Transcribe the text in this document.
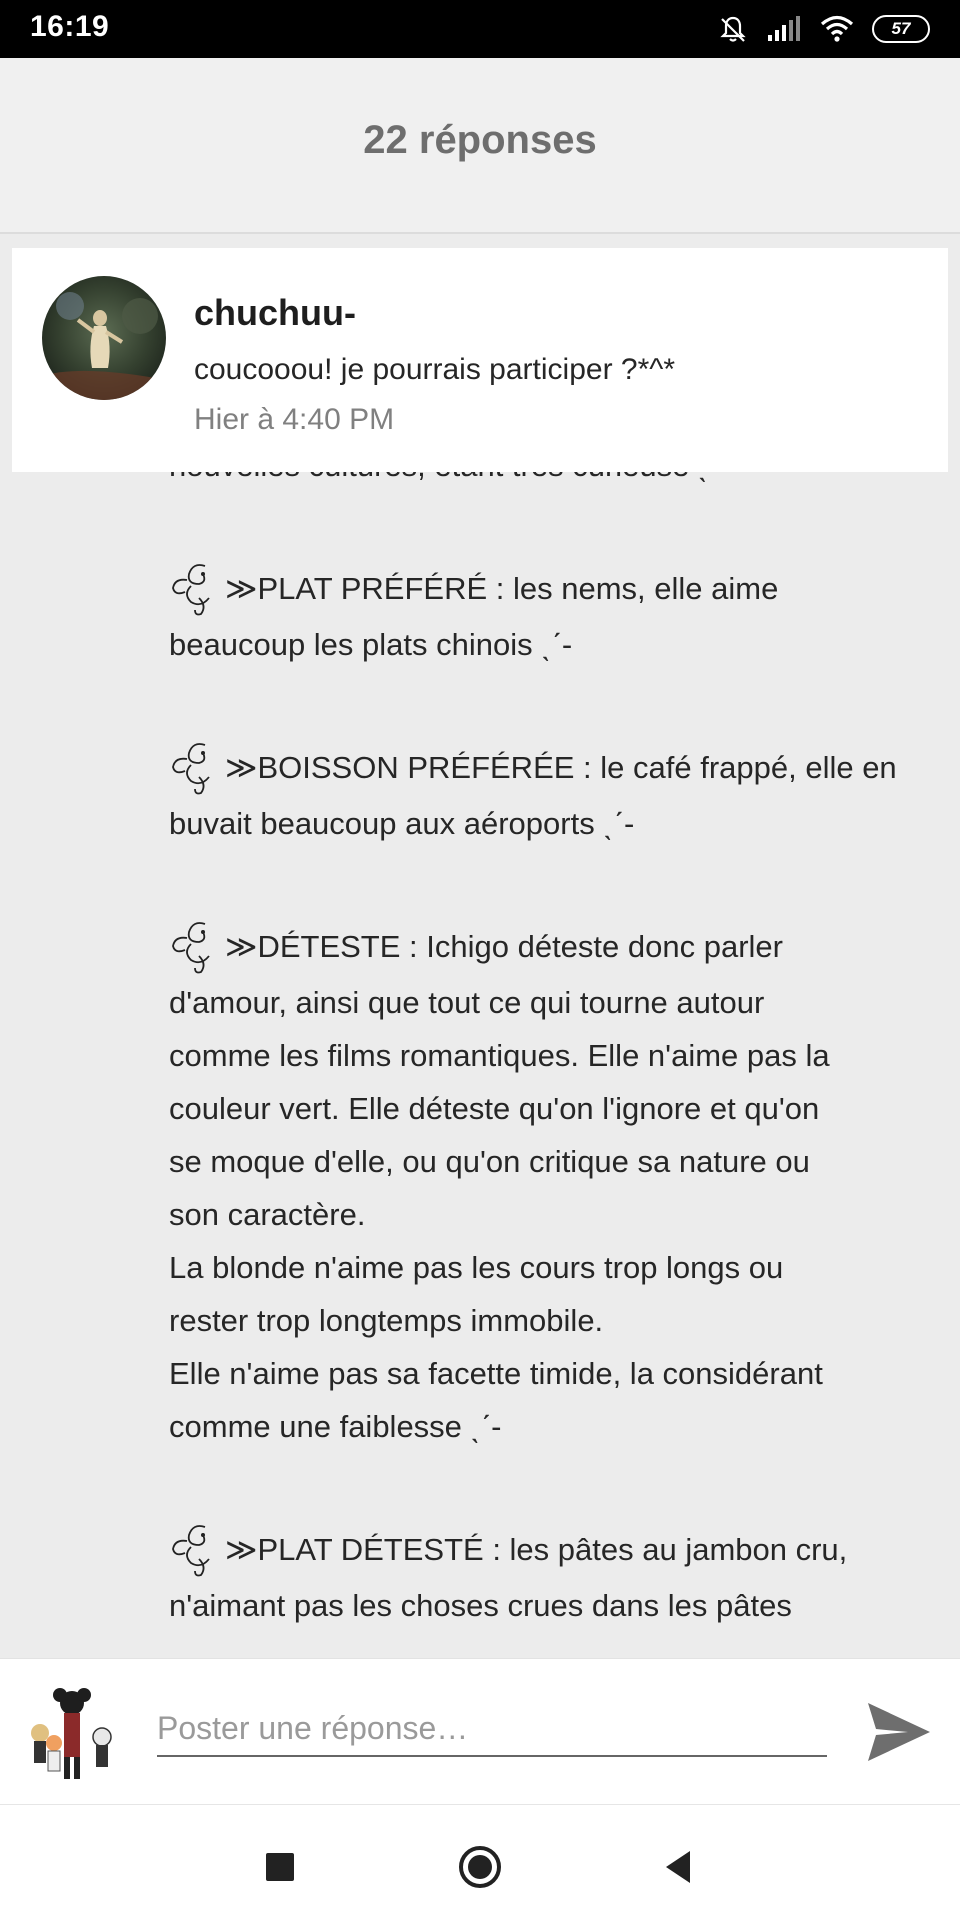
16:19	57
22 réponses
≫PLAT PRÉFÉRÉ : les nems, elle aime
beaucoup les plats chinois ˎˊ-
≫BOISSON PRÉFÉRÉE : le café frappé, elle en
buvait beaucoup aux aéroports ˎˊ-
≫DÉTESTE : Ichigo déteste donc parler
d'amour, ainsi que tout ce qui tourne autour
comme les films romantiques. Elle n'aime pas la
couleur vert. Elle déteste qu'on l'ignore et qu'on
se moque d'elle, ou qu'on critique sa nature ou
son caractère.
La blonde n'aime pas les cours trop longs ou
rester trop longtemps immobile.
Elle n'aime pas sa facette timide, la considérant
comme une faiblesse ˎˊ-
≫PLAT DÉTESTÉ : les pâtes au jambon cru,
n'aimant pas les choses crues dans les pâtes
chuchuu-
coucooou! je pourrais participer ?*^*
Hier à 4:40 PM
Poster une réponse…
